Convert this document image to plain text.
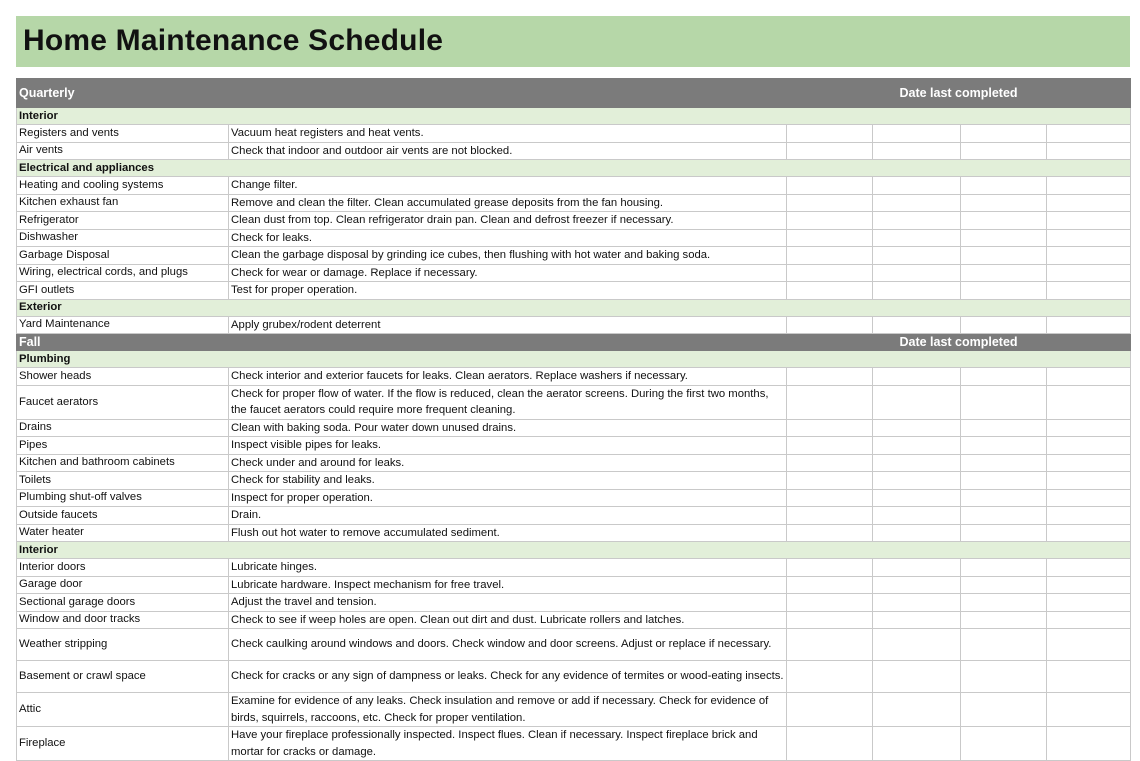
Home Maintenance Schedule
Quarterly		Date last completed			
Interior					
Registers and vents	Vacuum heat registers and heat vents.				
Air vents	Check that indoor and outdoor air vents are not blocked.				
Electrical and appliances					
Heating and cooling systems	Change filter.				
Kitchen exhaust fan	Remove and clean the filter. Clean accumulated grease deposits from the fan housing.				
Refrigerator	Clean dust from top. Clean refrigerator drain pan. Clean and defrost freezer if necessary.				
Dishwasher	Check for leaks.				
Garbage Disposal	Clean the garbage disposal by grinding ice cubes, then flushing with hot water and baking soda.				
Wiring, electrical cords, and plugs	Check for wear or damage. Replace if necessary.				
GFI outlets	Test for proper operation.				
Exterior					
Yard Maintenance	Apply grubex/rodent deterrent				
Fall		Date last completed			
Plumbing					
Shower heads	Check interior and exterior faucets for leaks. Clean aerators. Replace washers if necessary.				
Faucet aerators	Check for proper flow of water. If the flow is reduced, clean the aerator screens. During the first two months, the faucet aerators could require more frequent cleaning.				
Drains	Clean with baking soda. Pour water down unused drains.				
Pipes	Inspect visible pipes for leaks.				
Kitchen and bathroom cabinets	Check under and around for leaks.				
Toilets	Check for stability and leaks.				
Plumbing shut-off valves	Inspect for proper operation.				
Outside faucets	Drain.				
Water heater	Flush out hot water to remove accumulated sediment.				
Interior					
Interior doors	Lubricate hinges.				
Garage door	Lubricate hardware. Inspect mechanism for free travel.				
Sectional garage doors	Adjust the travel and tension.				
Window and door tracks	Check to see if weep holes are open. Clean out dirt and dust. Lubricate rollers and latches.				
Weather stripping	Check caulking around windows and doors. Check window and door screens. Adjust or replace if necessary.				
Basement or crawl space	Check for cracks or any sign of dampness or leaks. Check for any evidence of termites or wood-eating insects.				
Attic	Examine for evidence of any leaks. Check insulation and remove or add if necessary. Check for evidence of birds, squirrels, raccoons, etc. Check for proper ventilation.				
Fireplace	Have your fireplace professionally inspected. Inspect flues. Clean if necessary. Inspect fireplace brick and mortar for cracks or damage.				
